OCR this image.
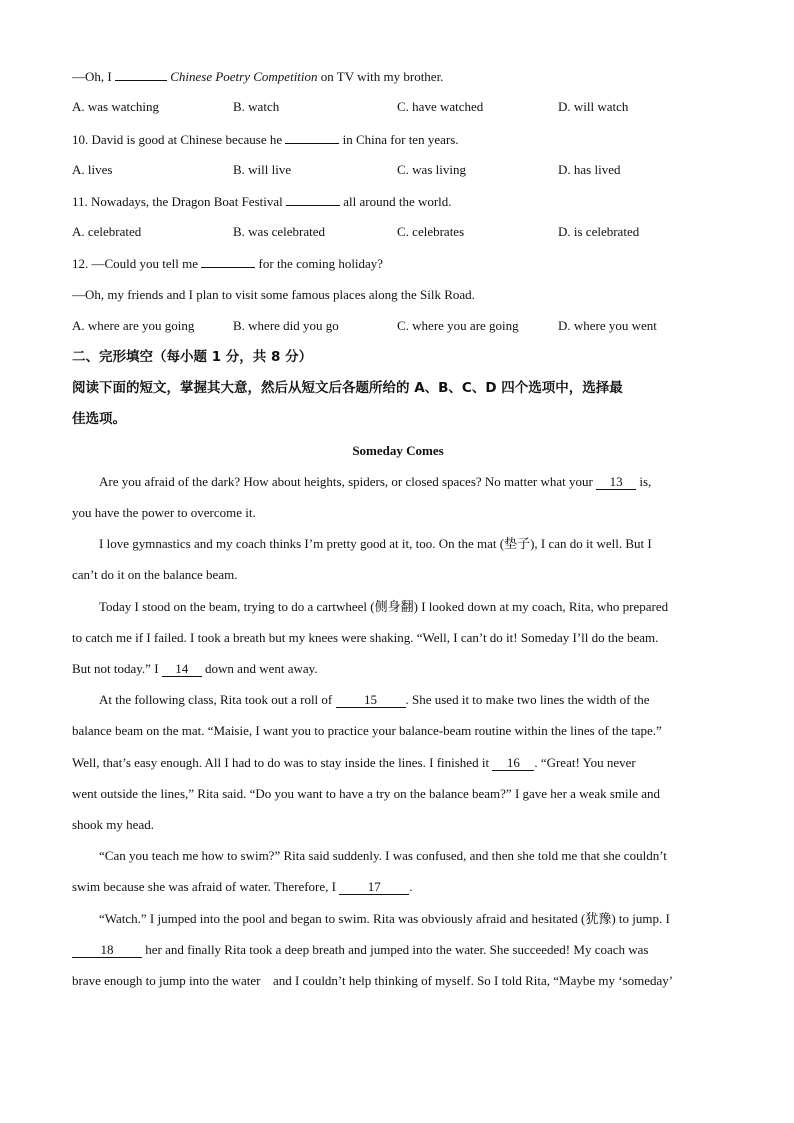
—Oh, I	Chinese Poetry Competition on TV with my brother.
A. was watching	B. watch	C. have watched	D. will watch
10. David is good at Chinese because he	in China for ten years.
A. lives	B. will live	C. was living	D. has lived
11. Nowadays, the Dragon Boat Festival	all around the world.
A. celebrated	B. was celebrated	C. celebrates	D. is celebrated
12. —Could you tell me	for the coming holiday?
—Oh, my friends and I plan to visit some famous places along the Silk Road.
A. where are you going	B. where did you go	C. where you are going	D. where you went
二、完形填空（每小题 1 分，共 8 分）
阅读下面的短文，掌握其大意，然后从短文后各题所给的 A、B、C、D 四个选项中，选择最
佳选项。
Someday Comes
Are you afraid of the dark? How about heights, spiders, or closed spaces? No matter what your 13 is,
you have the power to overcome it.
I love gymnastics and my coach thinks I’m pretty good at it, too. On the mat (垫子), I can do it well. But I
can’t do it on the balance beam.
Today I stood on the beam, trying to do a cartwheel (侧身翻) I looked down at my coach, Rita, who prepared
to catch me if I failed. I took a breath but my knees were shaking. “Well, I can’t do it! Someday I’ll do the beam.
But not today.” I 14 down and went away.
At the following class, Rita took out a roll of 15 . She used it to make two lines the width of the
balance beam on the mat. “Maisie, I want you to practice your balance-beam routine within the lines of the tape.”
Well, that’s easy enough. All I had to do was to stay inside the lines. I finished it 16 . “Great! You never
went outside the lines,” Rita said. “Do you want to have a try on the balance beam?” I gave her a weak smile and
shook my head.
“Can you teach me how to swim?” Rita said suddenly. I was confused, and then she told me that she couldn’t
swim because she was afraid of water. Therefore, I 17 .
“Watch.” I jumped into the pool and began to swim. Rita was obviously afraid and hesitated (犹豫) to jump. I
18 her and finally Rita took a deep breath and jumped into the water. She succeeded! My coach was
brave enough to jump into the water and I couldn’t help thinking of myself. So I told Rita, “Maybe my ‘someday’
